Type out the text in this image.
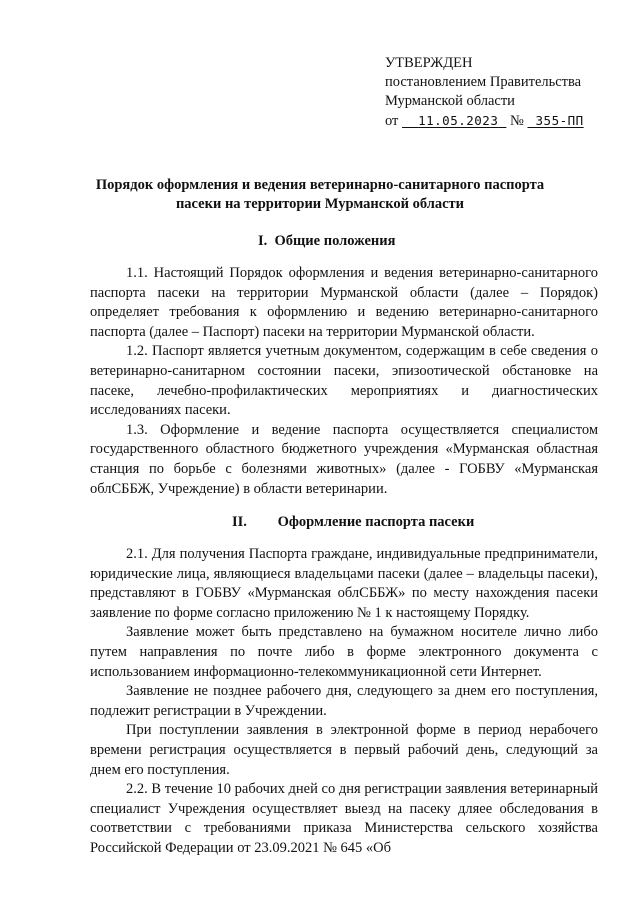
УТВЕРЖДЕН
постановлением Правительства
Мурманской области
от 11.05.2023 № 355-ПП
Порядок оформления и ведения ветеринарно-санитарного паспорта
пасеки на территории Мурманской области
I. Общие положения

1.1. Настоящий Порядок оформления и ведения ветеринарно-санитарного паспорта пасеки на территории Мурманской области (далее – Порядок) определяет требования к оформлению и ведению ветеринарно-санитарного паспорта (далее – Паспорт) пасеки на территории Мурманской области.

1.2. Паспорт является учетным документом, содержащим в себе сведения о ветеринарно-санитарном состоянии пасеки, эпизоотической обстановке на пасеке, лечебно-профилактических мероприятиях и диагностических исследованиях пасеки.

1.3. Оформление и ведение паспорта осуществляется специалистом государственного областного бюджетного учреждения «Мурманская областная станция по борьбе с болезнями животных» (далее - ГОБВУ «Мурманская облСББЖ, Учреждение) в области ветеринарии.

II. Оформление паспорта пасеки

2.1. Для получения Паспорта граждане, индивидуальные предприниматели, юридические лица, являющиеся владельцами пасеки (далее – владельцы пасеки), представляют в ГОБВУ «Мурманская облСББЖ» по месту нахождения пасеки заявление по форме согласно приложению № 1 к настоящему Порядку.

Заявление может быть представлено на бумажном носителе лично либо путем направления по почте либо в форме электронного документа с использованием информационно-телекоммуникационной сети Интернет.

Заявление не позднее рабочего дня, следующего за днем его поступления, подлежит регистрации в Учреждении.

При поступлении заявления в электронной форме в период нерабочего времени регистрация осуществляется в первый рабочий день, следующий за днем его поступления.

2.2. В течение 10 рабочих дней со дня регистрации заявления ветеринарный специалист Учреждения осуществляет выезд на пасеку дляее обследования в соответствии с требованиями приказа Министерства сельского хозяйства Российской Федерации от 23.09.2021 № 645 «Об
